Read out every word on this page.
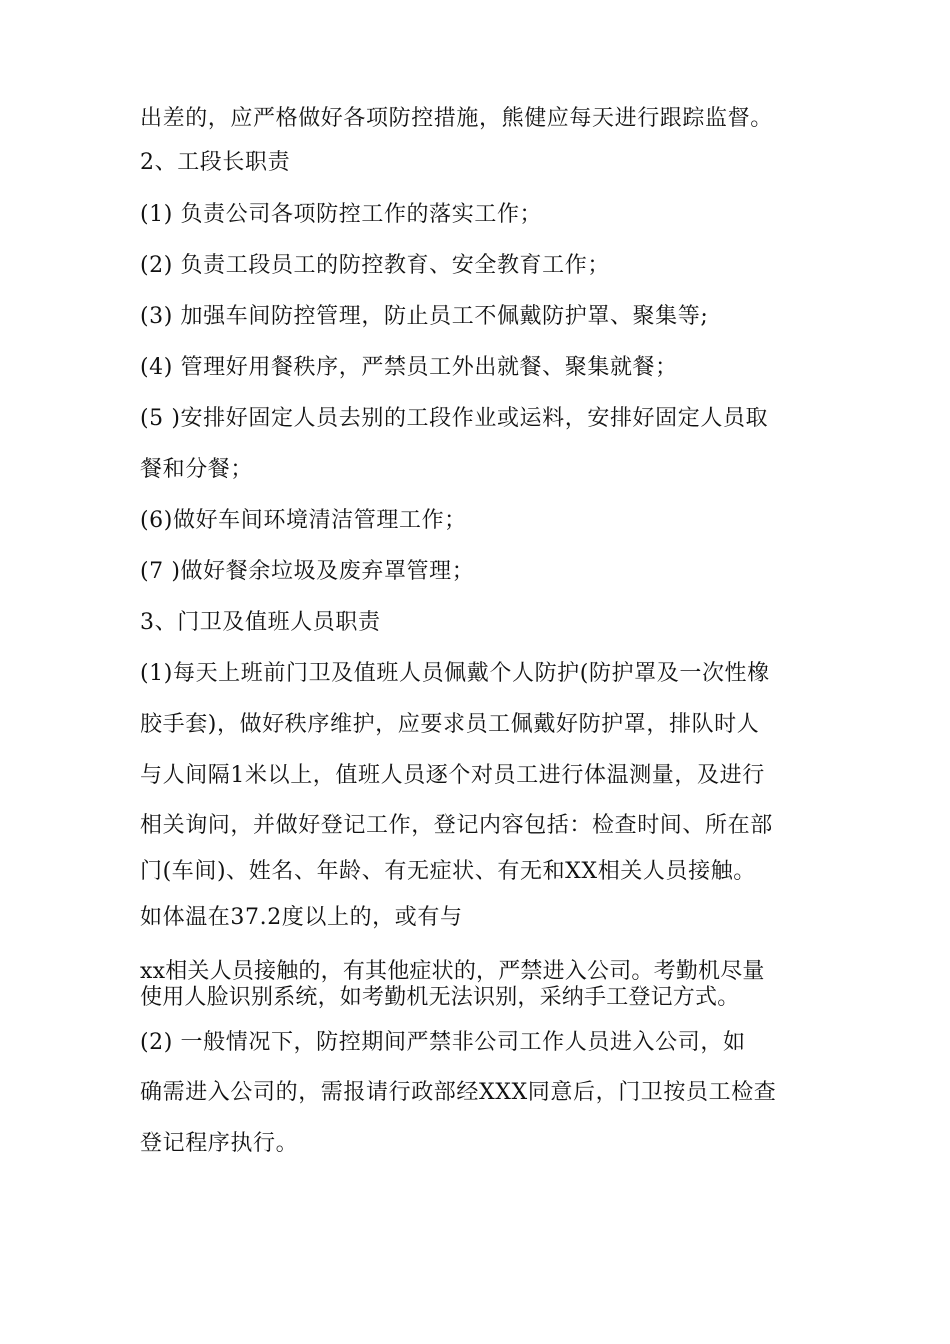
出差的，应严格做好各项防控措施，熊健应每天进行跟踪监督。
2、工段长职责
(1) 负责公司各项防控工作的落实工作；
(2) 负责工段员工的防控教育、安全教育工作；
(3) 加强车间防控管理，防止员工不佩戴防护罩、聚集等;
(4) 管理好用餐秩序，严禁员工外出就餐、聚集就餐；
(5 )安排好固定人员去别的工段作业或运料，安排好固定人员取
餐和分餐；
(6)做好车间环境清洁管理工作；
(7 )做好餐余垃圾及废弃罩管理；
3、门卫及值班人员职责
(1)每天上班前门卫及值班人员佩戴个人防护(防护罩及一次性橡
胶手套)，做好秩序维护，应要求员工佩戴好防护罩，排队时人
与人间隔1米以上，值班人员逐个对员工进行体温测量，及进行
相关询问，并做好登记工作，登记内容包括：检查时间、所在部
门(车间)、姓名、年龄、有无症状、有无和XX相关人员接触。
如体温在37.2度以上的，或有与
xx相关人员接触的，有其他症状的，严禁进入公司。考勤机尽量
使用人脸识别系统，如考勤机无法识别，采纳手工登记方式。
(2) 一般情况下，防控期间严禁非公司工作人员进入公司，如
确需进入公司的，需报请行政部经XXX同意后，门卫按员工检查
登记程序执行。
